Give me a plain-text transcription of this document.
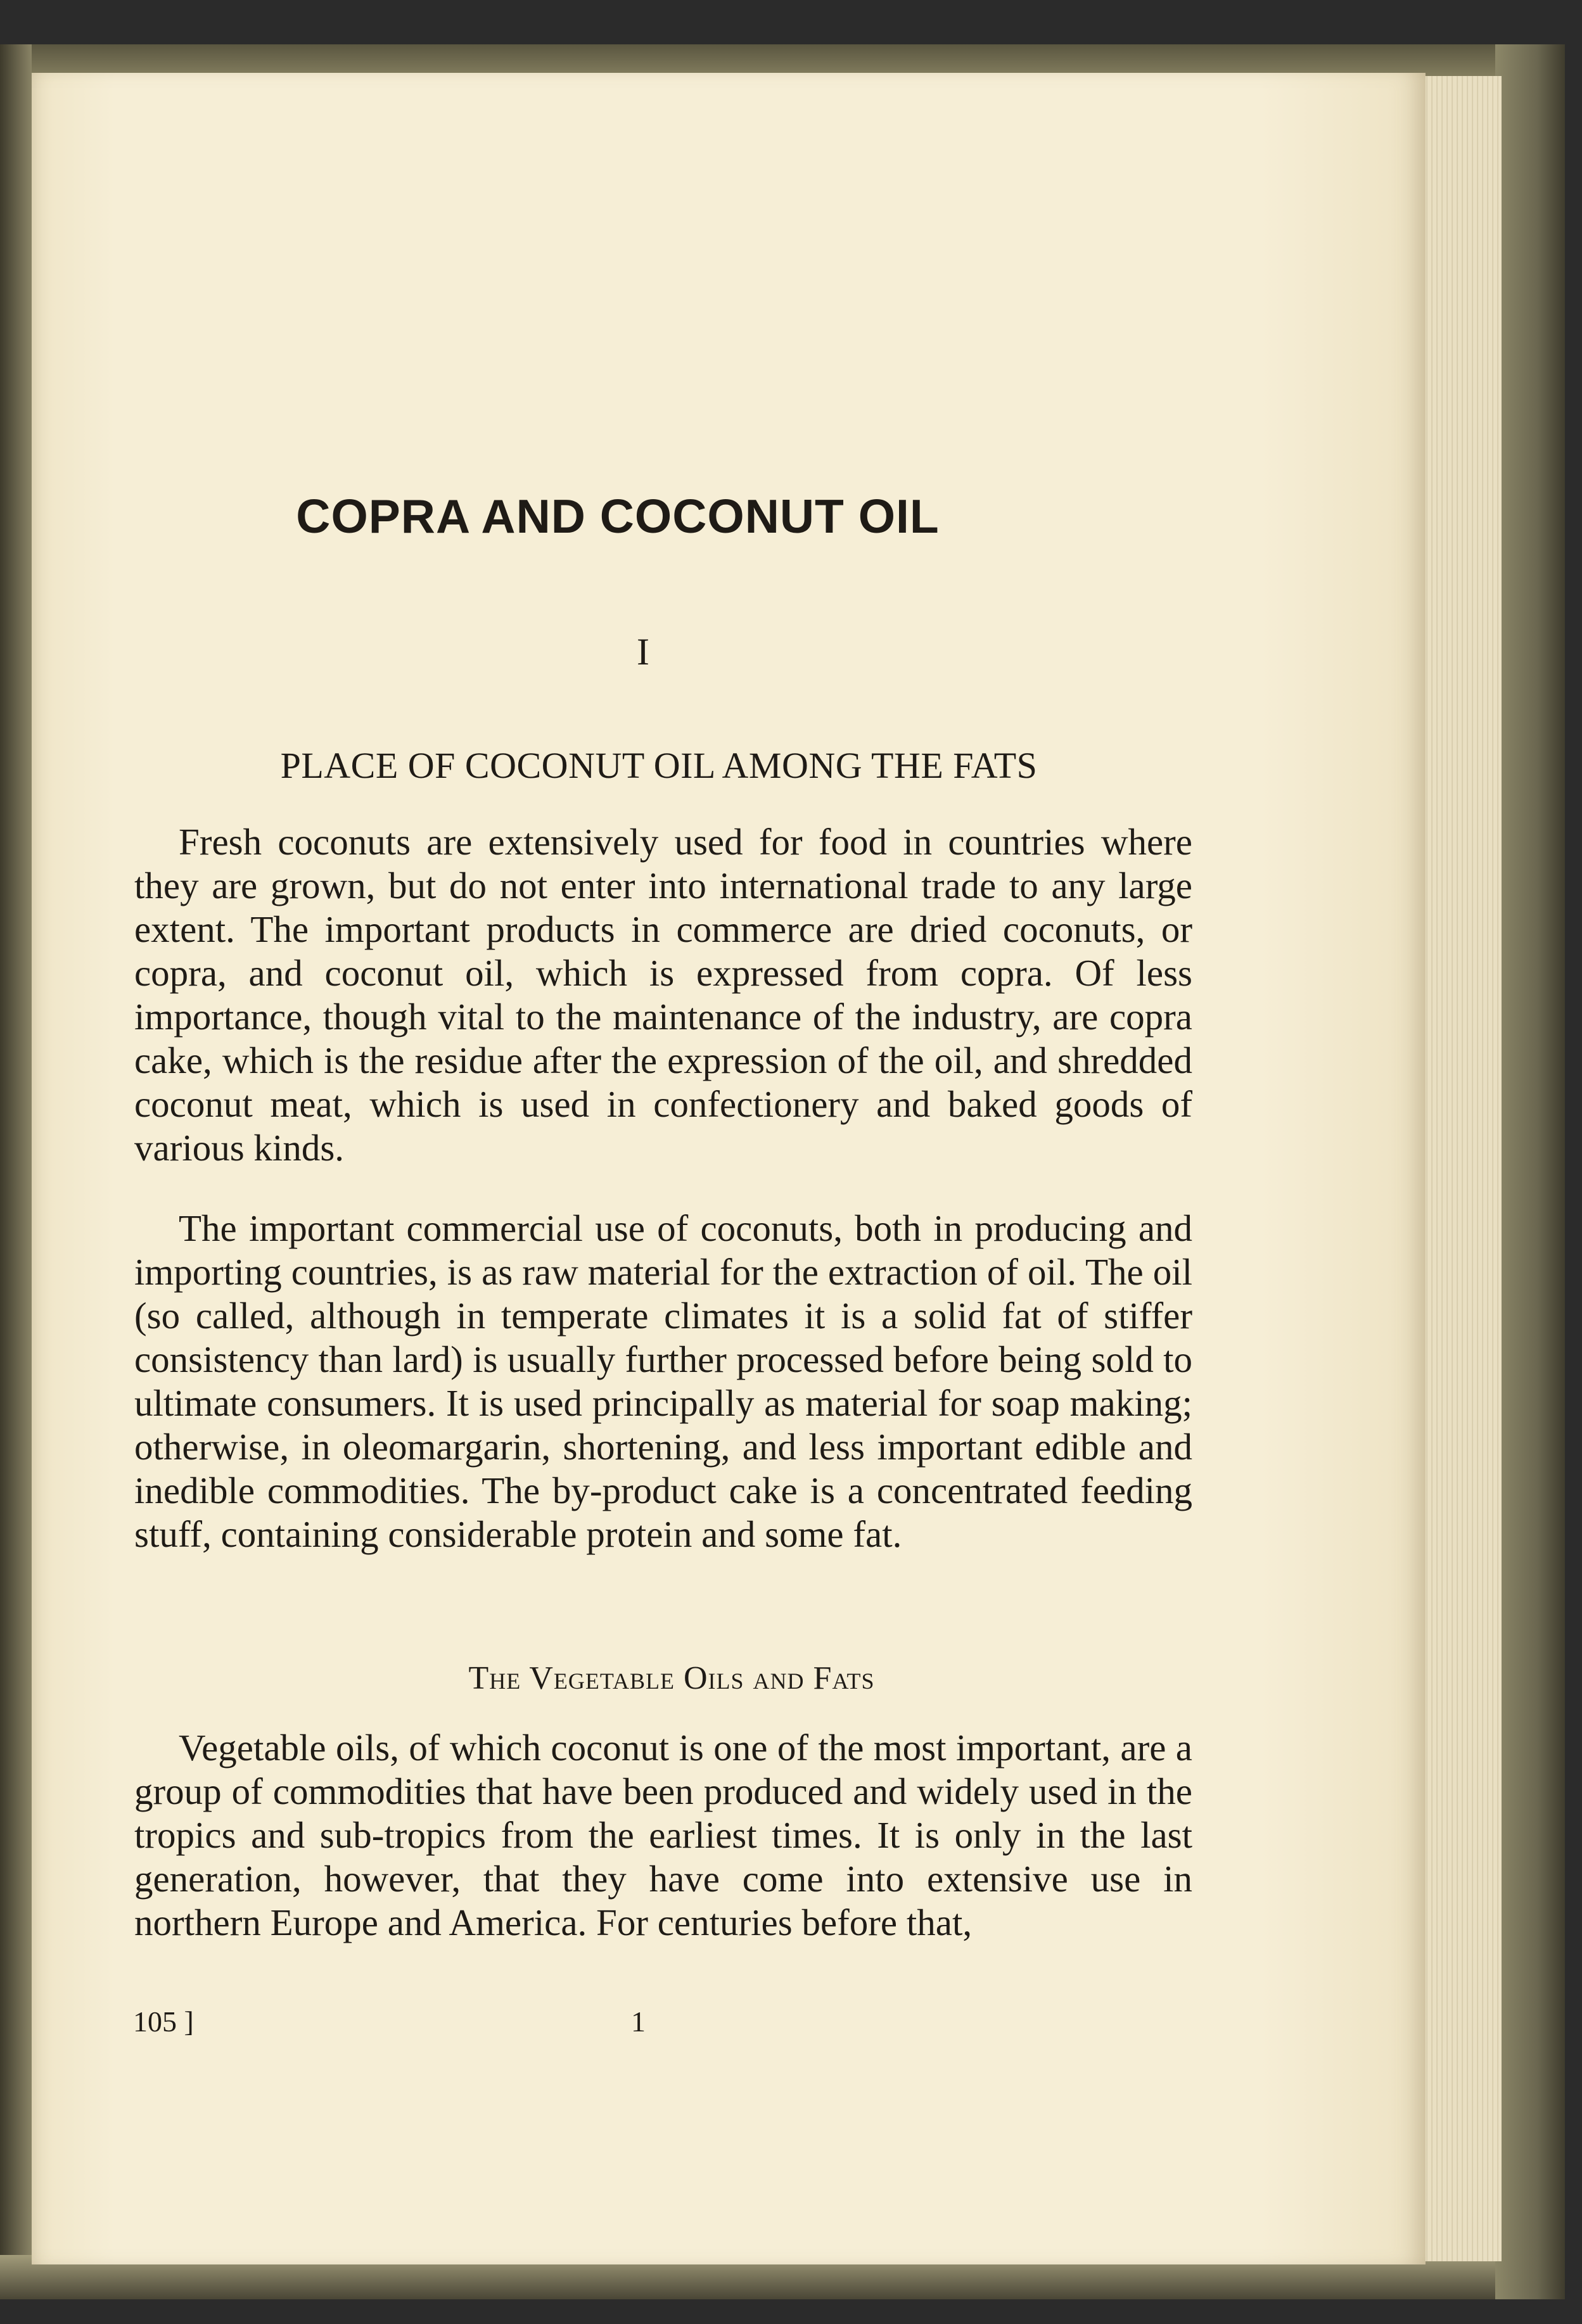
COPRA AND COCONUT OIL
I
PLACE OF COCONUT OIL AMONG THE FATS

Fresh coconuts are extensively used for food in countries where they are grown, but do not enter into international trade to any large extent. The important products in commerce are dried coconuts, or copra, and coconut oil, which is expressed from copra. Of less importance, though vital to the maintenance of the industry, are copra cake, which is the residue after the expression of the oil, and shredded coconut meat, which is used in confectionery and baked goods of various kinds.

The important commercial use of coconuts, both in producing and importing countries, is as raw material for the extraction of oil. The oil (so called, although in temperate climates it is a solid fat of stiffer consistency than lard) is usually further processed before being sold to ultimate consumers. It is used principally as material for soap making; otherwise, in oleomargarin, shortening, and less important edible and inedible commodities. The by-product cake is a concentrated feeding stuff, containing considerable protein and some fat.

The Vegetable Oils and Fats

Vegetable oils, of which coconut is one of the most important, are a group of commodities that have been produced and widely used in the tropics and sub-tropics from the earliest times. It is only in the last generation, however, that they have come into extensive use in northern Europe and America. For centuries before that,

105 ]	1
